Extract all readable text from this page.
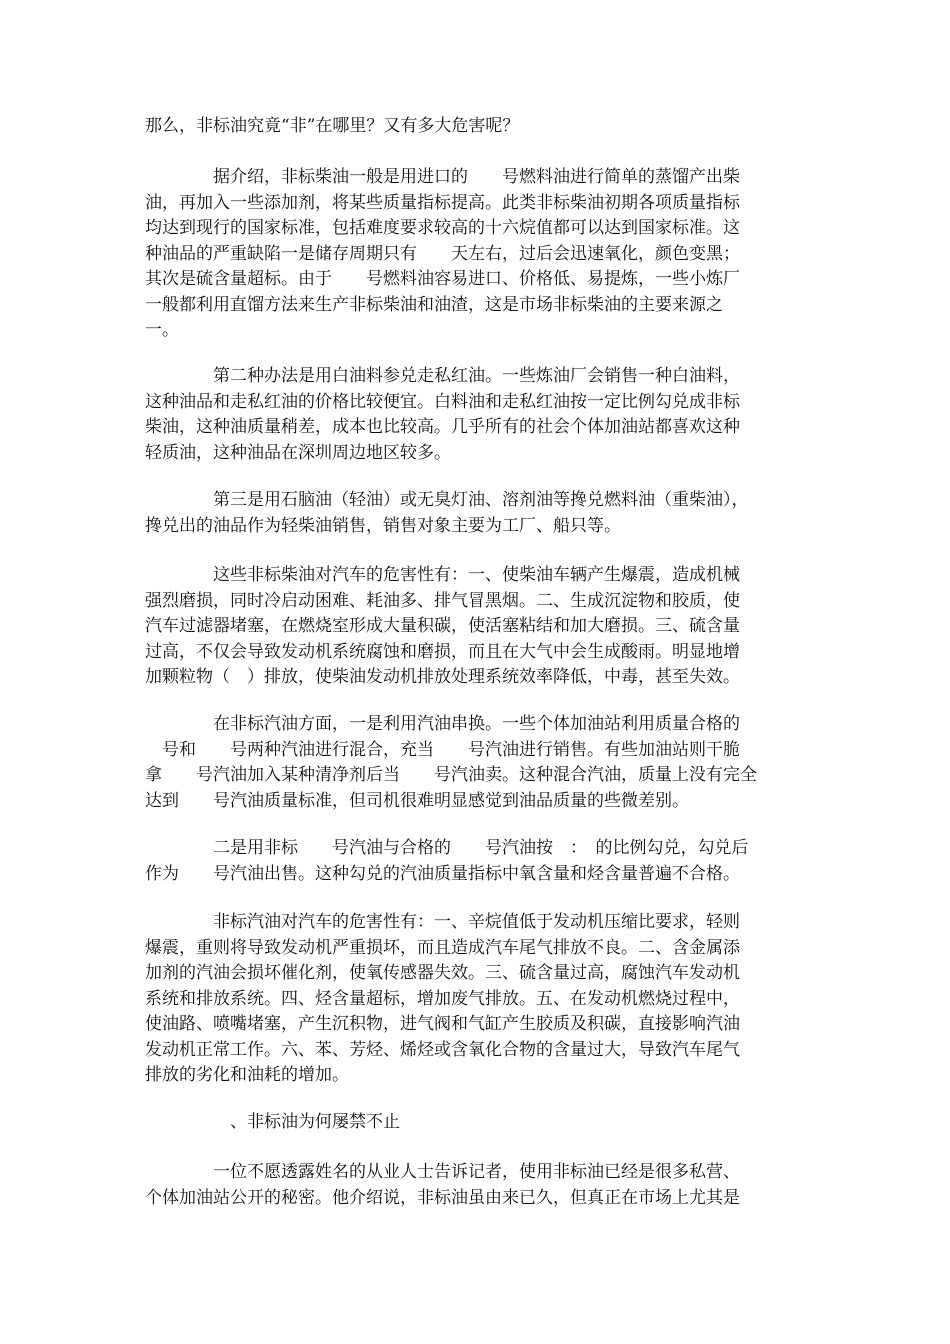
那么，非标油究竟“非”在哪里？又有多大危害呢？
　　　　据介绍，非标柴油一般是用进口的　　号燃料油进行简单的蒸馏产出柴
油，再加入一些添加剂，将某些质量指标提高。此类非标柴油初期各项质量指标
均达到现行的国家标准，包括难度要求较高的十六烷值都可以达到国家标准。这
种油品的严重缺陷一是储存周期只有　　天左右，过后会迅速氧化，颜色变黑；
其次是硫含量超标。由于　　号燃料油容易进口、价格低、易提炼，一些小炼厂
一般都利用直馏方法来生产非标柴油和油渣，这是市场非标柴油的主要来源之
一。
　　　　第二种办法是用白油料参兑走私红油。一些炼油厂会销售一种白油料，
这种油品和走私红油的价格比较便宜。白料油和走私红油按一定比例勾兑成非标
柴油，这种油质量稍差，成本也比较高。几乎所有的社会个体加油站都喜欢这种
轻质油，这种油品在深圳周边地区较多。
　　　　第三是用石脑油（轻油）或无臭灯油、溶剂油等搀兑燃料油（重柴油），
搀兑出的油品作为轻柴油销售，销售对象主要为工厂、船只等。
　　　　这些非标柴油对汽车的危害性有：一、使柴油车辆产生爆震，造成机械
强烈磨损，同时冷启动困难、耗油多、排气冒黑烟。二、生成沉淀物和胶质，使
汽车过滤器堵塞，在燃烧室形成大量积碳，使活塞粘结和加大磨损。三、硫含量
过高，不仅会导致发动机系统腐蚀和磨损，而且在大气中会生成酸雨。明显地增
加颗粒物（　）排放，使柴油发动机排放处理系统效率降低，中毒，甚至失效。
　　　　在非标汽油方面，一是利用汽油串换。一些个体加油站利用质量合格的
　号和　　号两种汽油进行混合，充当　　号汽油进行销售。有些加油站则干脆
拿　　号汽油加入某种清净剂后当　　号汽油卖。这种混合汽油，质量上没有完全
达到　　号汽油质量标准，但司机很难明显感觉到油品质量的些微差别。
　　　　二是用非标　　号汽油与合格的　　号汽油按　：　的比例勾兑，勾兑后
作为　　号汽油出售。这种勾兑的汽油质量指标中氧含量和烃含量普遍不合格。
　　　　非标汽油对汽车的危害性有：一、辛烷值低于发动机压缩比要求，轻则
爆震，重则将导致发动机严重损坏，而且造成汽车尾气排放不良。二、含金属添
加剂的汽油会损坏催化剂，使氧传感器失效。三、硫含量过高，腐蚀汽车发动机
系统和排放系统。四、烃含量超标，增加废气排放。五、在发动机燃烧过程中，
使油路、喷嘴堵塞，产生沉积物，进气阀和气缸产生胶质及积碳，直接影响汽油
发动机正常工作。六、苯、芳烃、烯烃或含氧化合物的含量过大，导致汽车尾气
排放的劣化和油耗的增加。
　　　　　、非标油为何屡禁不止
　　　　一位不愿透露姓名的从业人士告诉记者，使用非标油已经是很多私营、
个体加油站公开的秘密。他介绍说，非标油虽由来已久，但真正在市场上尤其是
